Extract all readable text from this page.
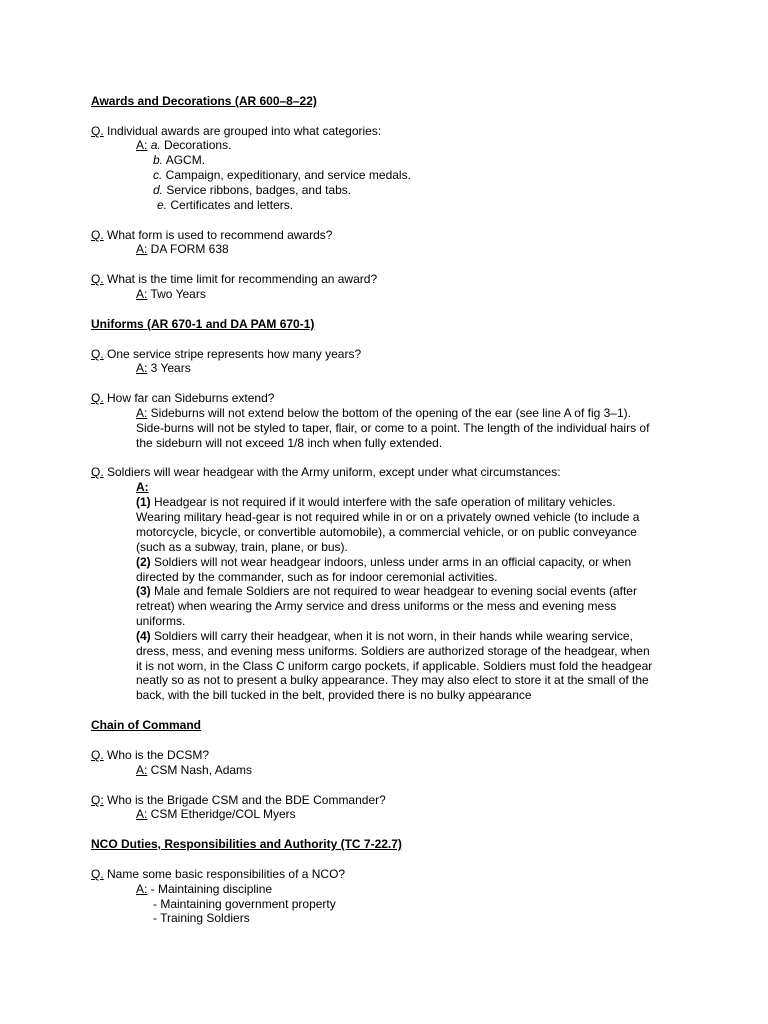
Awards and Decorations (AR 600–8–22)
Q. Individual awards are grouped into what categories:
A: a. Decorations.
b. AGCM.
c. Campaign, expeditionary, and service medals.
d. Service ribbons, badges, and tabs.
e. Certificates and letters.
Q. What form is used to recommend awards?
A: DA FORM 638
Q. What is the time limit for recommending an award?
A: Two Years
Uniforms (AR 670-1 and DA PAM 670-1)
Q. One service stripe represents how many years?
A: 3 Years
Q. How far can Sideburns extend?
A: Sideburns will not extend below the bottom of the opening of the ear (see line A of fig 3–1).
Side-burns will not be styled to taper, flair, or come to a point. The length of the individual hairs of
the sideburn will not exceed 1/8 inch when fully extended.
Q. Soldiers will wear headgear with the Army uniform, except under what circumstances:
A:
(1) Headgear is not required if it would interfere with the safe operation of military vehicles.
Wearing military head-gear is not required while in or on a privately owned vehicle (to include a
motorcycle, bicycle, or convertible automobile), a commercial vehicle, or on public conveyance
(such as a subway, train, plane, or bus).
(2) Soldiers will not wear headgear indoors, unless under arms in an official capacity, or when
directed by the commander, such as for indoor ceremonial activities.
(3) Male and female Soldiers are not required to wear headgear to evening social events (after
retreat) when wearing the Army service and dress uniforms or the mess and evening mess
uniforms.
(4) Soldiers will carry their headgear, when it is not worn, in their hands while wearing service,
dress, mess, and evening mess uniforms. Soldiers are authorized storage of the headgear, when
it is not worn, in the Class C uniform cargo pockets, if applicable. Soldiers must fold the headgear
neatly so as not to present a bulky appearance. They may also elect to store it at the small of the
back, with the bill tucked in the belt, provided there is no bulky appearance
Chain of Command
Q. Who is the DCSM?
A: CSM Nash, Adams
Q: Who is the Brigade CSM and the BDE Commander?
A: CSM Etheridge/COL Myers
NCO Duties, Responsibilities and Authority (TC 7-22.7)
Q. Name some basic responsibilities of a NCO?
A: - Maintaining discipline
- Maintaining government property
- Training Soldiers
